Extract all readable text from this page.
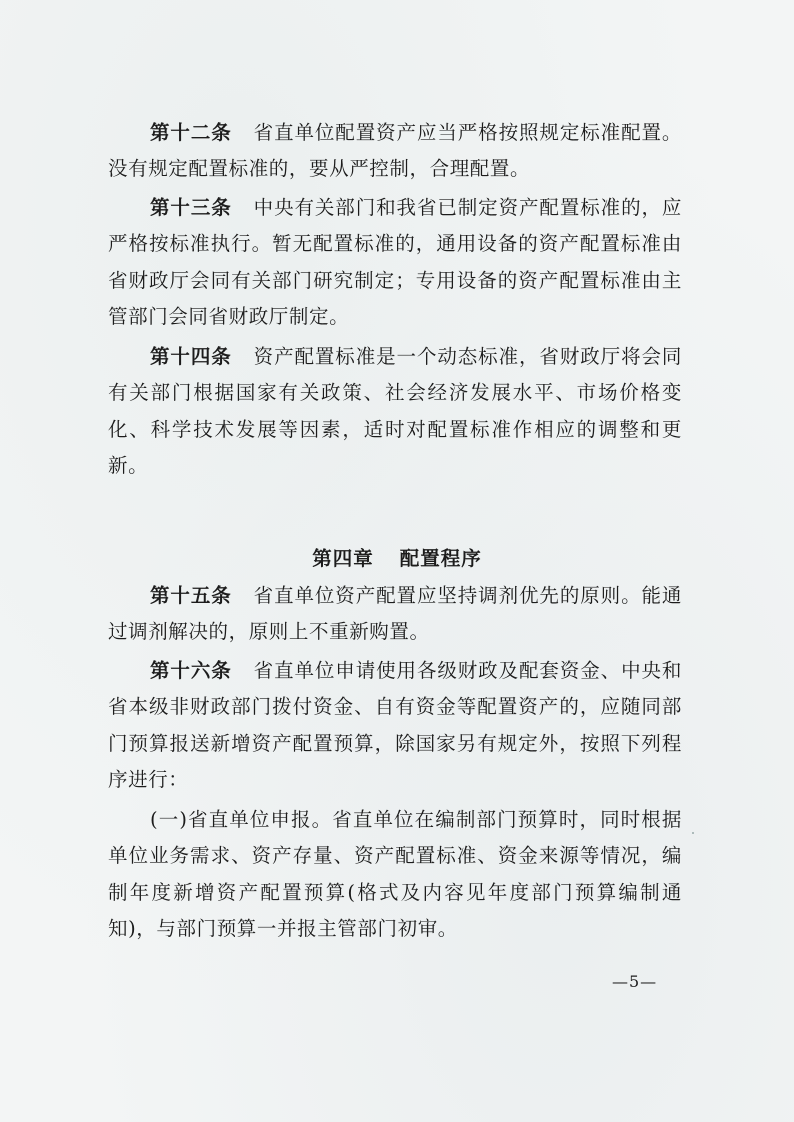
第十二条 省直单位配置资产应当严格按照规定标准配置。没有规定配置标准的，要从严控制，合理配置。

第十三条 中央有关部门和我省已制定资产配置标准的，应严格按标准执行。暂无配置标准的，通用设备的资产配置标准由省财政厅会同有关部门研究制定；专用设备的资产配置标准由主管部门会同省财政厅制定。

第十四条 资产配置标准是一个动态标准，省财政厅将会同有关部门根据国家有关政策、社会经济发展水平、市场价格变化、科学技术发展等因素，适时对配置标准作相应的调整和更新。

第四章 配置程序

第十五条 省直单位资产配置应坚持调剂优先的原则。能通过调剂解决的，原则上不重新购置。

第十六条 省直单位申请使用各级财政及配套资金、中央和省本级非财政部门拨付资金、自有资金等配置资产的，应随同部门预算报送新增资产配置预算，除国家另有规定外，按照下列程序进行：

(一)省直单位申报。省直单位在编制部门预算时，同时根据单位业务需求、资产存量、资产配置标准、资金来源等情况，编制年度新增资产配置预算(格式及内容见年度部门预算编制通知)，与部门预算一并报主管部门初审。

—5—
